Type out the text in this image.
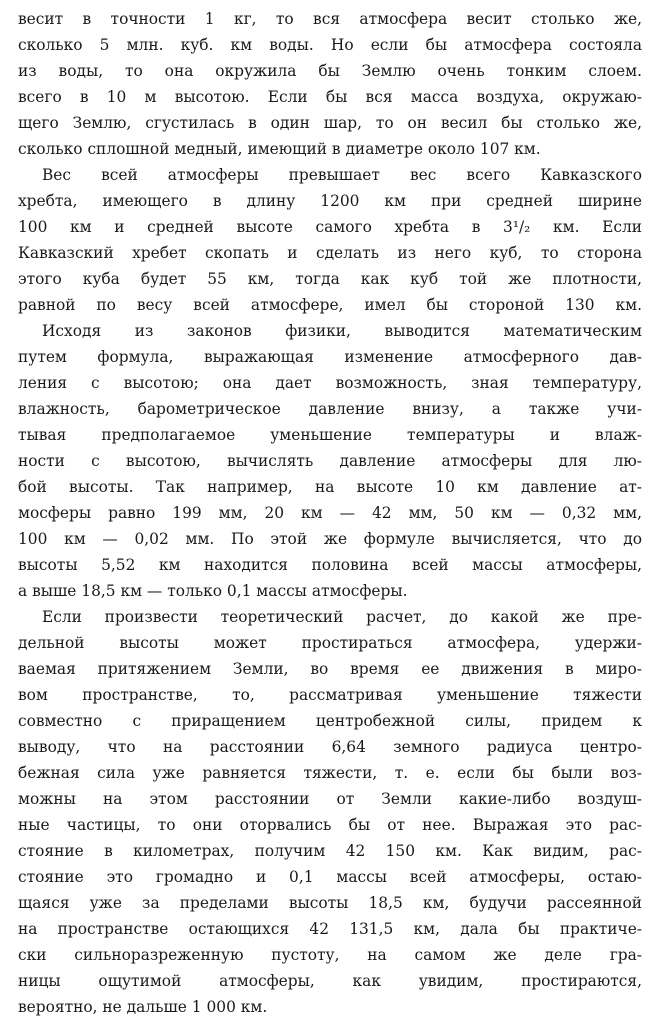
весит в точности 1 кг, то вся атмосфера весит столько же,
сколько 5 млн. куб. км воды. Но если бы атмосфера состояла
из воды, то она окружила бы Землю очень тонким слоем.
всего в 10 м высотою. Если бы вся масса воздуха, окружаю-
щего Землю, сгустилась в один шар, то он весил бы столько же,
сколько сплошной медный, имеющий в диаметре около 107 км.
Вес всей атмосферы превышает вес всего Кавказского
хребта, имеющего в длину 1200 км при средней ширине
100 км и средней высоте самого хребта в 3¹/₂ км. Если
Кавказский хребет скопать и сделать из него куб, то сторона
этого куба будет 55 км, тогда как куб той же плотности,
равной по весу всей атмосфере, имел бы стороной 130 км.
Исходя из законов физики, выводится математическим
путем формула, выражающая изменение атмосферного дав-
ления с высотою; она дает возможность, зная температуру,
влажность, барометрическое давление внизу, а также учи-
тывая предполагаемое уменьшение температуры и влаж-
ности с высотою, вычислять давление атмосферы для лю-
бой высоты. Так например, на высоте 10 км давление ат-
мосферы равно 199 мм, 20 км — 42 мм, 50 км — 0,32 мм,
100 км — 0,02 мм. По этой же формуле вычисляется, что до
высоты 5,52 км находится половина всей массы атмосферы,
а выше 18,5 км — только 0,1 массы атмосферы.
Если произвести теоретический расчет, до какой же пре-
дельной высоты может простираться атмосфера, удержи-
ваемая притяжением Земли, во время ее движения в миро-
вом пространстве, то, рассматривая уменьшение тяжести
совместно с приращением центробежной силы, придем к
выводу, что на расстоянии 6,64 земного радиуса центро-
бежная сила уже равняется тяжести, т. е. если бы были воз-
можны на этом расстоянии от Земли какие-либо воздуш-
ные частицы, то они оторвались бы от нее. Выражая это рас-
стояние в километрах, получим 42 150 км. Как видим, рас-
стояние это громадно и 0,1 массы всей атмосферы, остаю-
щаяся уже за пределами высоты 18,5 км, будучи рассеянной
на пространстве остающихся 42 131,5 км, дала бы практиче-
ски сильноразреженную пустоту, на самом же деле гра-
ницы ощутимой атмосферы, как увидим, простираются,
вероятно, не дальше 1 000 км.
